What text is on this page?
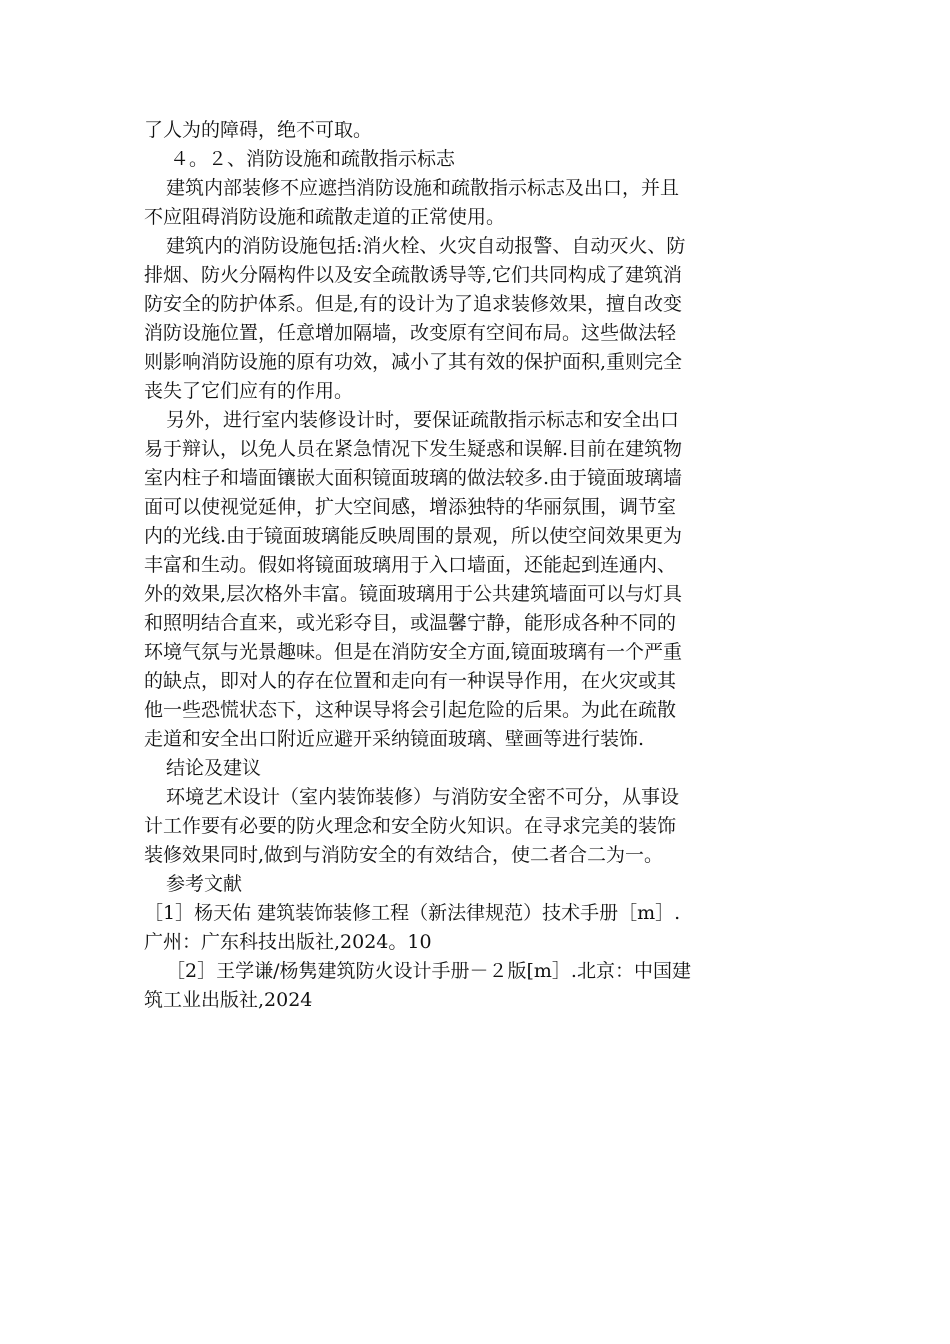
了人为的障碍，绝不可取。
４。２、消防设施和疏散指示标志
建筑内部装修不应遮挡消防设施和疏散指示标志及出口，并且
不应阻碍消防设施和疏散走道的正常使用。
建筑内的消防设施包括:消火栓、火灾自动报警、自动灭火、防
排烟、防火分隔构件以及安全疏散诱导等,它们共同构成了建筑消
防安全的防护体系。但是,有的设计为了追求装修效果，擅自改变
消防设施位置，任意增加隔墙，改变原有空间布局。这些做法轻
则影响消防设施的原有功效，减小了其有效的保护面积,重则完全
丧失了它们应有的作用。
另外，进行室内装修设计时，要保证疏散指示标志和安全出口
易于辩认，以免人员在紧急情况下发生疑惑和误解.目前在建筑物
室内柱子和墙面镶嵌大面积镜面玻璃的做法较多.由于镜面玻璃墙
面可以使视觉延伸，扩大空间感，增添独特的华丽氛围，调节室
内的光线.由于镜面玻璃能反映周围的景观，所以使空间效果更为
丰富和生动。假如将镜面玻璃用于入口墙面，还能起到连通内、
外的效果,层次格外丰富。镜面玻璃用于公共建筑墙面可以与灯具
和照明结合直来，或光彩夺目，或温馨宁静，能形成各种不同的
环境气氛与光景趣味。但是在消防安全方面,镜面玻璃有一个严重
的缺点，即对人的存在位置和走向有一种误导作用，在火灾或其
他一些恐慌状态下，这种误导将会引起危险的后果。为此在疏散
走道和安全出口附近应避开采纳镜面玻璃、壁画等进行装饰.
结论及建议
环境艺术设计（室内装饰装修）与消防安全密不可分，从事设
计工作要有必要的防火理念和安全防火知识。在寻求完美的装饰
装修效果同时,做到与消防安全的有效结合，使二者合二为一。
参考文献
［1］杨天佑 建筑装饰装修工程（新法律规范）技术手册［m］.
广州：广东科技出版社,2024。10
［2］王学谦/杨隽建筑防火设计手册－２版[m］.北京：中国建
筑工业出版社,2024
